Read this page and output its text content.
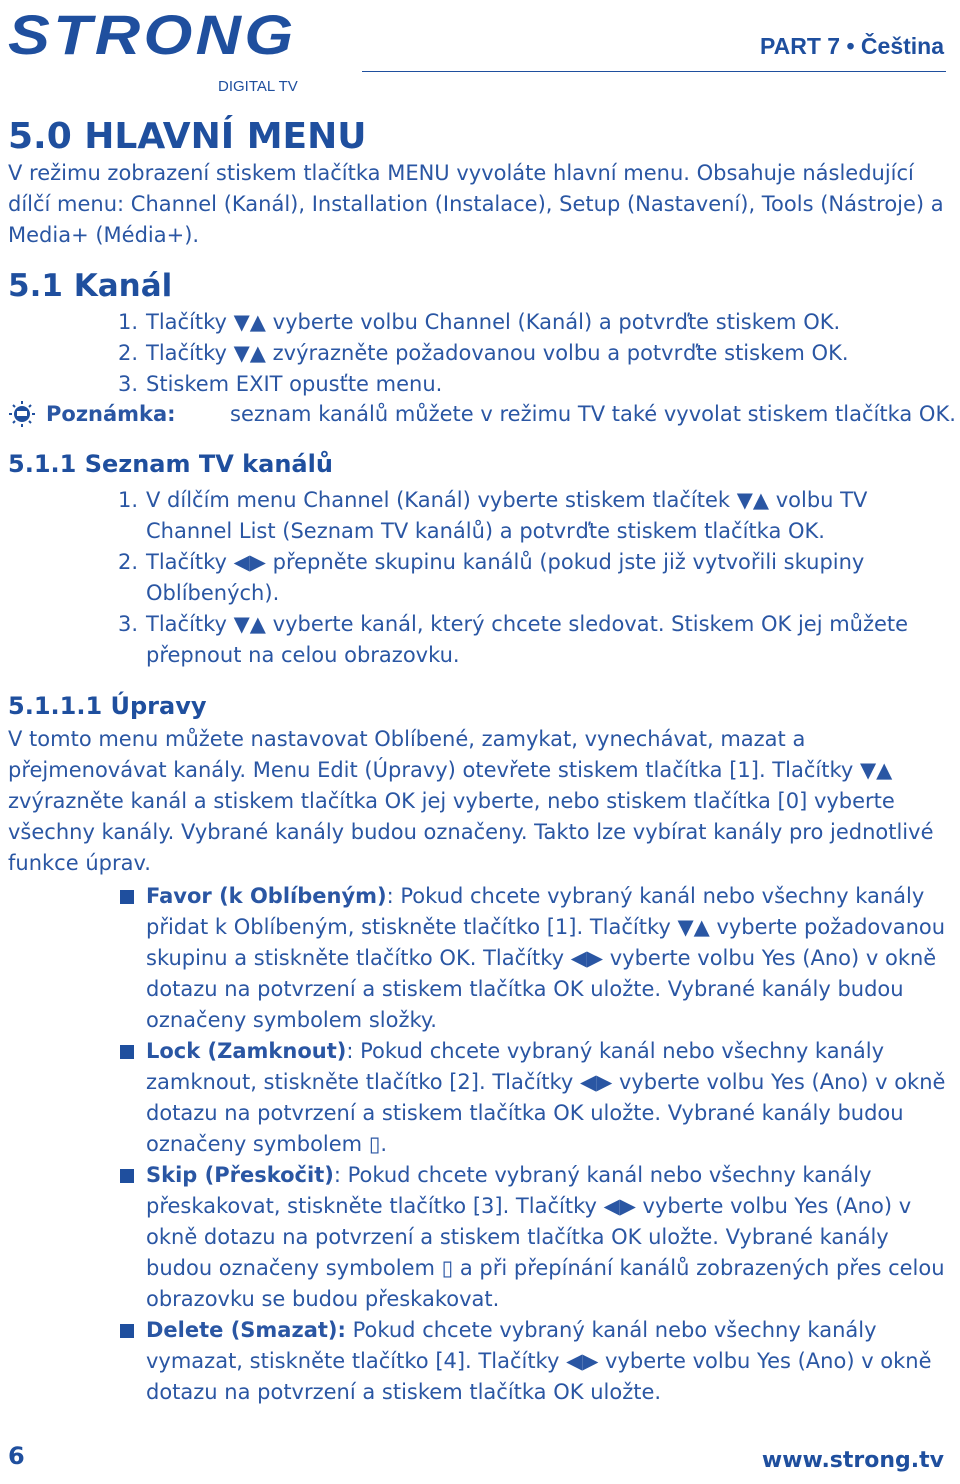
STRONG
DIGITAL TV
PART 7 • Čeština
5.0 HLAVNÍ MENU

V režimu zobrazení stiskem tlačítka MENU vyvoláte hlavní menu. Obsahuje následující dílčí menu: Channel (Kanál), Installation (Instalace), Setup (Nastavení), Tools (Nástroje) a Media+ (Média+).

5.1 Kanál
1. Tlačítky ▼▲ vyberte volbu Channel (Kanál) a potvrďte stiskem OK.
2. Tlačítky ▼▲ zvýrazněte požadovanou volbu a potvrďte stiskem OK.
3. Stiskem EXIT opusťte menu.
Poznámka:	seznam kanálů můžete v režimu TV také vyvolat stiskem tlačítka OK.
5.1.1 Seznam TV kanálů
1. V dílčím menu Channel (Kanál) vyberte stiskem tlačítek ▼▲ volbu TV Channel List (Seznam TV kanálů) a potvrďte stiskem tlačítka OK.
2. Tlačítky ◀▶ přepněte skupinu kanálů (pokud jste již vytvořili skupiny Oblíbených).
3. Tlačítky ▼▲ vyberte kanál, který chcete sledovat. Stiskem OK jej můžete přepnout na celou obrazovku.
5.1.1.1 Úpravy

V tomto menu můžete nastavovat Oblíbené, zamykat, vynechávat, mazat a přejmenovávat kanály. Menu Edit (Úpravy) otevřete stiskem tlačítka [1]. Tlačítky ▼▲ zvýrazněte kanál a stiskem tlačítka OK jej vyberte, nebo stiskem tlačítka [0] vyberte všechny kanály. Vybrané kanály budou označeny. Takto lze vybírat kanály pro jednotlivé funkce úprav.

Favor (k Oblíbeným): Pokud chcete vybraný kanál nebo všechny kanály přidat k Oblíbeným, stiskněte tlačítko [1]. Tlačítky ▼▲ vyberte požadovanou skupinu a stiskněte tlačítko OK. Tlačítky ◀▶ vyberte volbu Yes (Ano) v okně dotazu na potvrzení a stiskem tlačítka OK uložte. Vybrané kanály budou označeny symbolem složky.
Lock (Zamknout): Pokud chcete vybraný kanál nebo všechny kanály zamknout, stiskněte tlačítko [2]. Tlačítky ◀▶ vyberte volbu Yes (Ano) v okně dotazu na potvrzení a stiskem tlačítka OK uložte. Vybrané kanály budou označeny symbolem ▯.
Skip (Přeskočit): Pokud chcete vybraný kanál nebo všechny kanály přeskakovat, stiskněte tlačítko [3]. Tlačítky ◀▶ vyberte volbu Yes (Ano) v okně dotazu na potvrzení a stiskem tlačítka OK uložte. Vybrané kanály budou označeny symbolem ▯ a při přepínání kanálů zobrazených přes celou obrazovku se budou přeskakovat.
Delete (Smazat): Pokud chcete vybraný kanál nebo všechny kanály vymazat, stiskněte tlačítko [4]. Tlačítky ◀▶ vyberte volbu Yes (Ano) v okně dotazu na potvrzení a stiskem tlačítka OK uložte.
6	www.strong.tv
